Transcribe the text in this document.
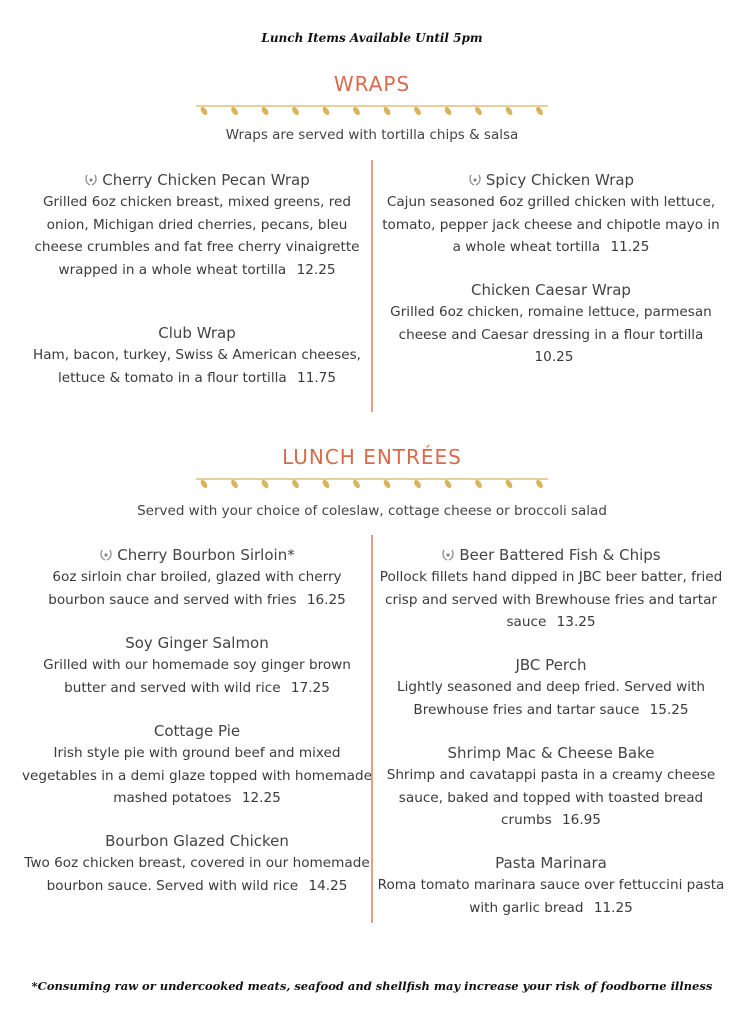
Lunch Items Available Until 5pm
WRAPS
Wraps are served with tortilla chips & salsa
Cherry Chicken Pecan Wrap
Grilled 6oz chicken breast, mixed greens, red onion, Michigan dried cherries, pecans, bleu cheese crumbles and fat free cherry vinaigrette wrapped in a whole wheat tortilla 12.25
Club Wrap
Ham, bacon, turkey, Swiss & American cheeses, lettuce & tomato in a flour tortilla 11.75
Spicy Chicken Wrap
Cajun seasoned 6oz grilled chicken with lettuce, tomato, pepper jack cheese and chipotle mayo in a whole wheat tortilla 11.25
Chicken Caesar Wrap
Grilled 6oz chicken, romaine lettuce, parmesan cheese and Caesar dressing in a flour tortilla 10.25
LUNCH ENTRÉES
Served with your choice of coleslaw, cottage cheese or broccoli salad
Cherry Bourbon Sirloin*
6oz sirloin char broiled, glazed with cherry bourbon sauce and served with fries 16.25
Soy Ginger Salmon
Grilled with our homemade soy ginger brown butter and served with wild rice 17.25
Cottage Pie
Irish style pie with ground beef and mixed vegetables in a demi glaze topped with homemade mashed potatoes 12.25
Bourbon Glazed Chicken
Two 6oz chicken breast, covered in our homemade bourbon sauce. Served with wild rice 14.25
Beer Battered Fish & Chips
Pollock fillets hand dipped in JBC beer batter, fried crisp and served with Brewhouse fries and tartar sauce 13.25
JBC Perch
Lightly seasoned and deep fried. Served with Brewhouse fries and tartar sauce 15.25
Shrimp Mac & Cheese Bake
Shrimp and cavatappi pasta in a creamy cheese sauce, baked and topped with toasted bread crumbs 16.95
Pasta Marinara
Roma tomato marinara sauce over fettuccini pasta with garlic bread 11.25
*Consuming raw or undercooked meats, seafood and shellfish may increase your risk of foodborne illness
